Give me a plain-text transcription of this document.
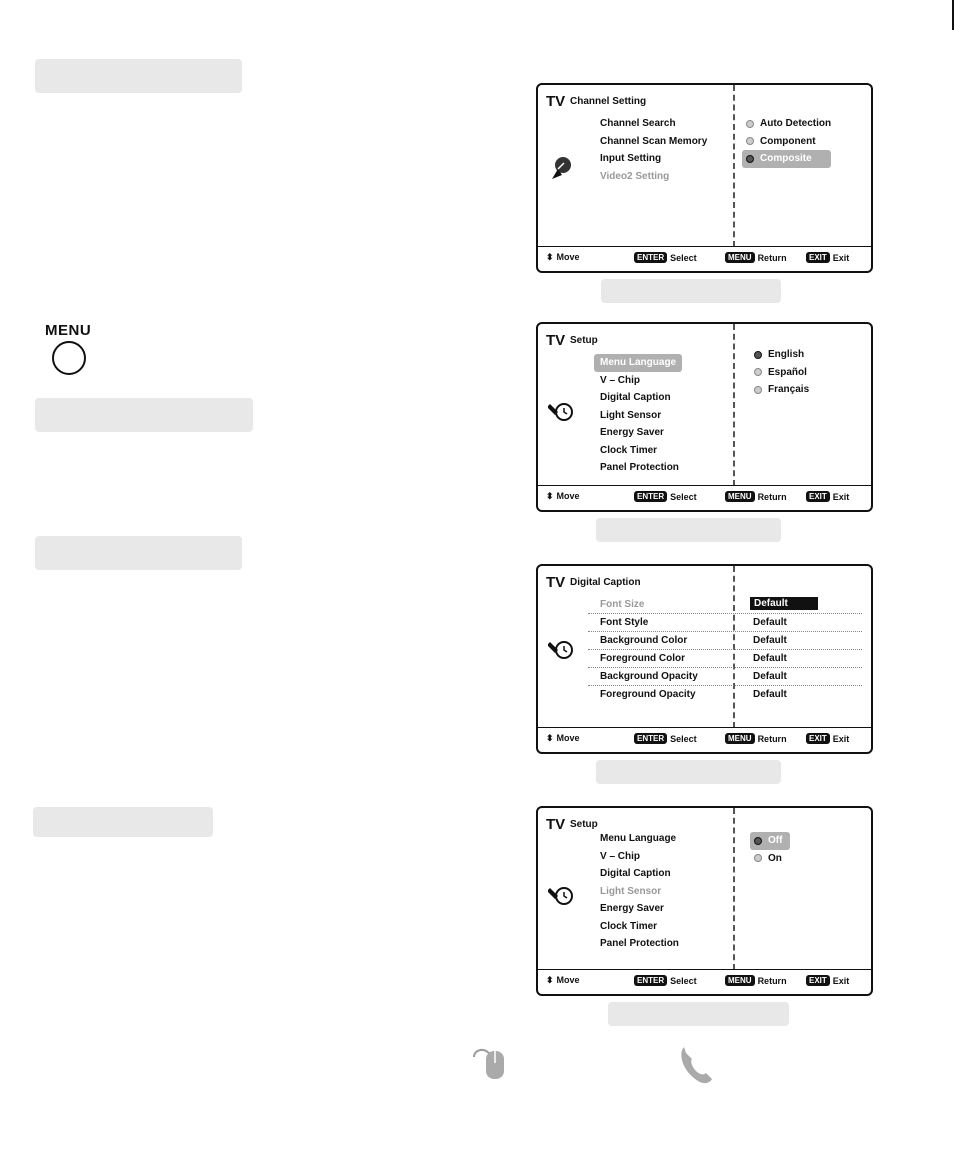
MENU
TV Channel Setting
Channel Search
Channel Scan Memory
Input Setting
Video2 Setting
Auto Detection
Component
Composite
⬍ Move	ENTER Select	MENU Return	EXIT Exit
TV Setup
Menu Language
V – Chip
Digital Caption
Light Sensor
Energy Saver
Clock Timer
Panel Protection
English
Español
Français
⬍ Move	ENTER Select	MENU Return	EXIT Exit
TV Digital Caption
Font Size	Default
Font Style	Default
Background Color	Default
Foreground Color	Default
Background Opacity	Default
Foreground Opacity	Default
⬍ Move	ENTER Select	MENU Return	EXIT Exit
TV Setup
Menu Language
V – Chip
Digital Caption
Light Sensor
Energy Saver
Clock Timer
Panel Protection
Off
On
⬍ Move	ENTER Select	MENU Return	EXIT Exit
